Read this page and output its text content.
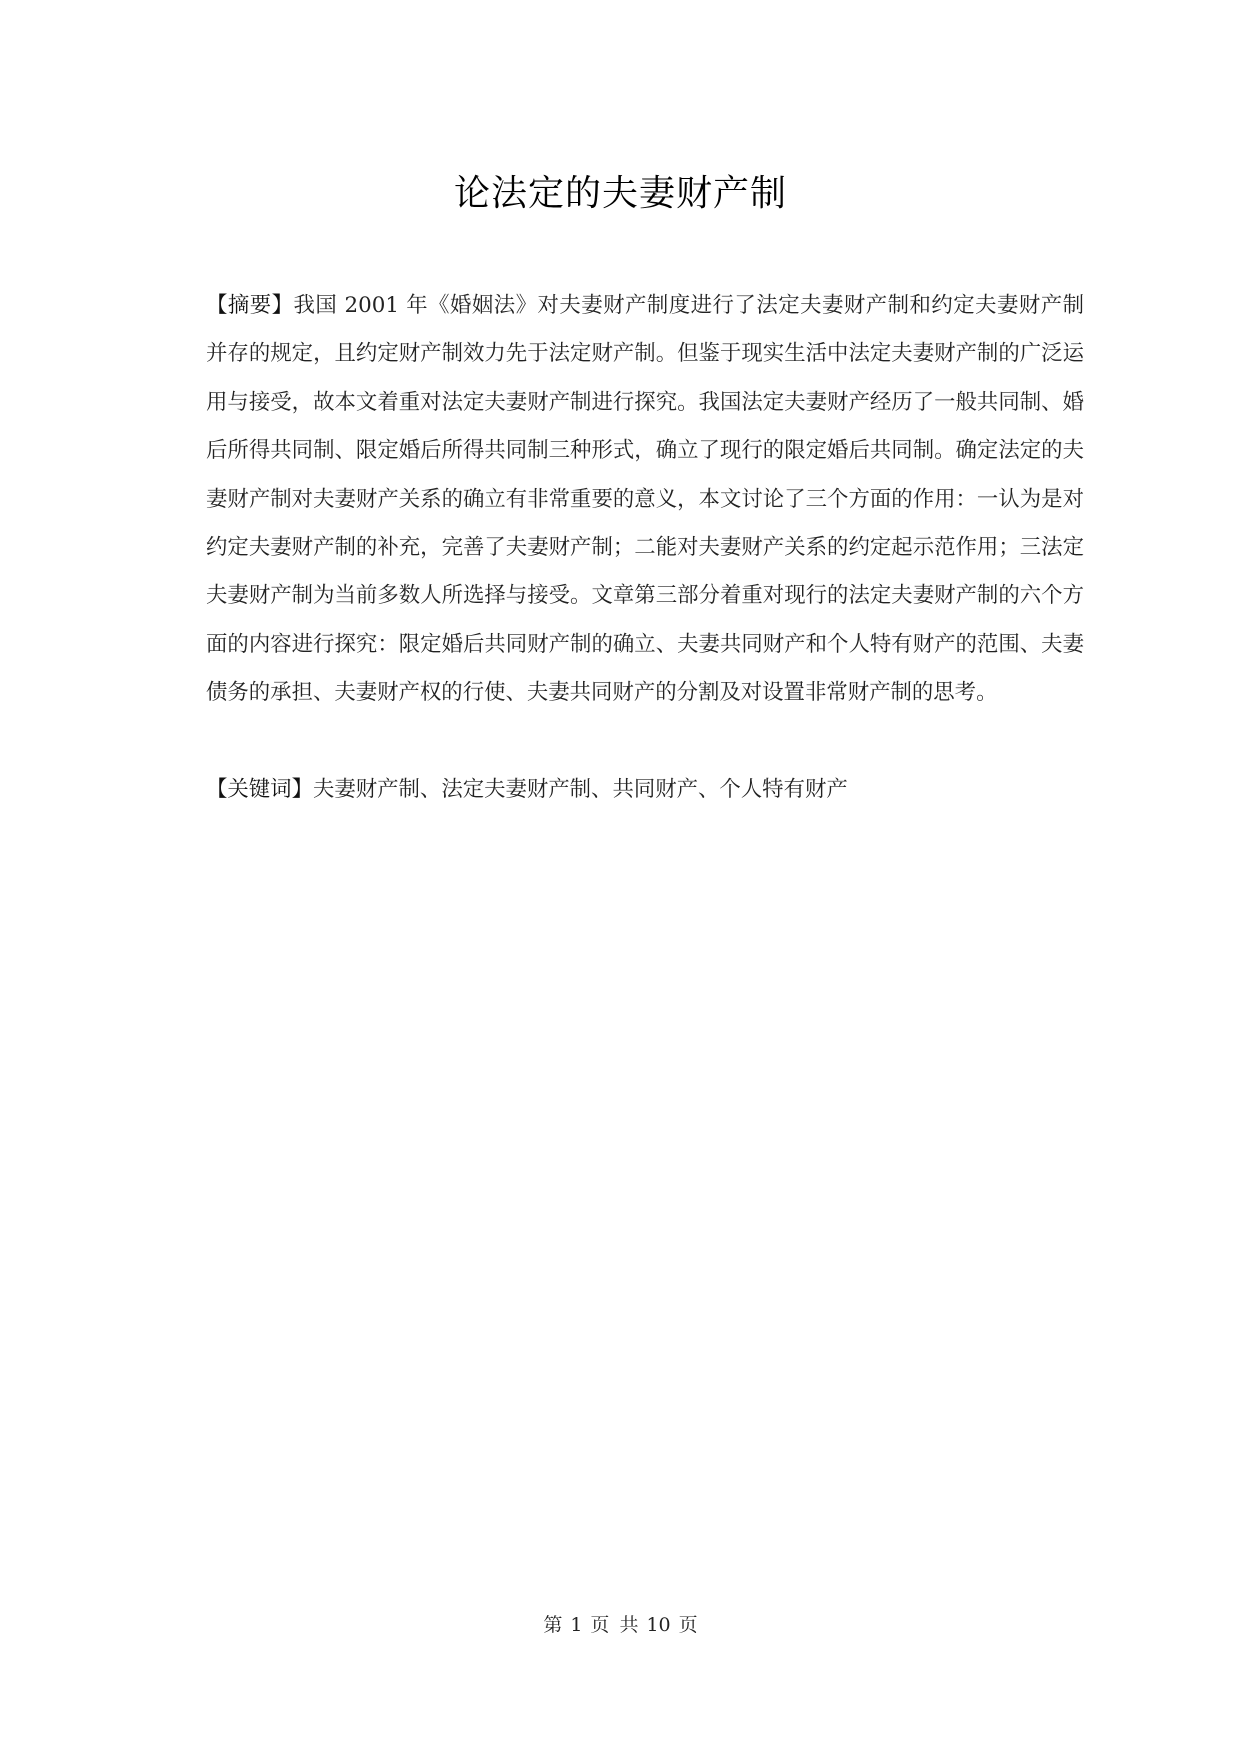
论法定的夫妻财产制
【摘要】我国 2001 年《婚姻法》对夫妻财产制度进行了法定夫妻财产制和约定夫妻财产制并存的规定，且约定财产制效力先于法定财产制。但鉴于现实生活中法定夫妻财产制的广泛运用与接受，故本文着重对法定夫妻财产制进行探究。我国法定夫妻财产经历了一般共同制、婚后所得共同制、限定婚后所得共同制三种形式，确立了现行的限定婚后共同制。确定法定的夫妻财产制对夫妻财产关系的确立有非常重要的意义，本文讨论了三个方面的作用：一认为是对约定夫妻财产制的补充，完善了夫妻财产制；二能对夫妻财产关系的约定起示范作用；三法定夫妻财产制为当前多数人所选择与接受。文章第三部分着重对现行的法定夫妻财产制的六个方面的内容进行探究：限定婚后共同财产制的确立、夫妻共同财产和个人特有财产的范围、夫妻债务的承担、夫妻财产权的行使、夫妻共同财产的分割及对设置非常财产制的思考。
【关键词】夫妻财产制、法定夫妻财产制、共同财产、个人特有财产
第 1 页 共 10 页
